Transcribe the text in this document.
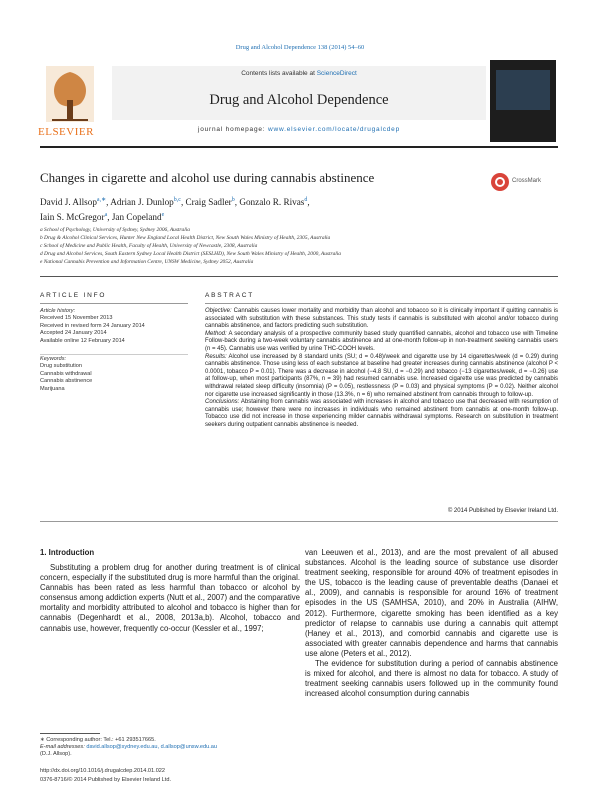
Drug and Alcohol Dependence 138 (2014) 54–60
ELSEVIER
Contents lists available at ScienceDirect
Drug and Alcohol Dependence
journal homepage: www.elsevier.com/locate/drugalcdep
Changes in cigarette and alcohol use during cannabis abstinence	CrossMark
David J. Allsop$^{a,∗}$, Adrian J. Dunlop$^{b,c}$, Craig Sadler$^b$, Gonzalo R. Rivas$^d$,
Iain S. McGregor$^a$, Jan Copeland$^e$
a School of Psychology, University of Sydney, Sydney 2006, Australia
b Drug & Alcohol Clinical Services, Hunter New England Local Health District, New South Wales Ministry of Health, 2305, Australia
c School of Medicine and Public Health, Faculty of Health, University of Newcastle, 2308, Australia
d Drug and Alcohol Services, South Eastern Sydney Local Health District (SESLHD), New South Wales Ministry of Health, 2000, Australia
e National Cannabis Prevention and Information Centre, UNSW Medicine, Sydney 2052, Australia
ARTICLE INFO
Article history:
Received 15 November 2013
Received in revised form 24 January 2014
Accepted 24 January 2014
Available online 12 February 2014
Keywords:
Drug substitution
Cannabis withdrawal
Cannabis abstinence
Marijuana
ABSTRACT

Objective: Cannabis causes lower mortality and morbidity than alcohol and tobacco so it is clinically important if quitting cannabis is associated with substitution with these substances. This study tests if cannabis is substituted with alcohol and/or tobacco during cannabis abstinence, and factors predicting such substitution.

Method: A secondary analysis of a prospective community based study quantified cannabis, alcohol and tobacco use with Timeline Follow-back during a two-week voluntary cannabis abstinence and at one-month follow-up in non-treatment seeking cannabis users (n = 45). Cannabis use was verified by urine THC-COOH levels.

Results: Alcohol use increased by 8 standard units (SU; d = 0.48)/week and cigarette use by 14 cigarettes/week (d = 0.29) during cannabis abstinence. Those using less of each substance at baseline had greater increases during cannabis abstinence (alcohol P < 0.0001, tobacco P = 0.01). There was a decrease in alcohol (−4.8 SU, d = −0.29) and tobacco (−13 cigarettes/week, d = −0.26) use at follow-up, when most participants (87%, n = 39) had resumed cannabis use. Increased cigarette use was predicted by cannabis withdrawal related sleep difficulty (insomnia) (P = 0.05), restlessness (P = 0.03) and physical symptoms (P = 0.02). Neither alcohol nor cigarette use increased significantly in those (13.3%, n = 6) who remained abstinent from cannabis through to follow-up.

Conclusions: Abstaining from cannabis was associated with increases in alcohol and tobacco use that decreased with resumption of cannabis use; however there were no increases in individuals who remained abstinent from cannabis at one-month follow-up. Tobacco use did not increase in those experiencing milder cannabis withdrawal symptoms. Research on substitution in treatment seekers during outpatient cannabis abstinence is needed.

© 2014 Published by Elsevier Ireland Ltd.
1. Introduction

Substituting a problem drug for another during treatment is of clinical concern, especially if the substituted drug is more harmful than the original. Cannabis has been rated as less harmful than tobacco or alcohol by consensus among addiction experts (Nutt et al., 2007) and the comparative mortality and morbidity attributed to alcohol and tobacco is higher than for cannabis (Degenhardt et al., 2008, 2013a,b). Alcohol, tobacco and cannabis use, however, frequently co-occur (Kessler et al., 1997;

van Leeuwen et al., 2013), and are the most prevalent of all abused substances. Alcohol is the leading source of substance use disorder treatment seeking, responsible for around 40% of treatment episodes in the US, tobacco is the leading cause of preventable deaths (Danaei et al., 2009), and cannabis is responsible for around 16% of treatment episodes in the US (SAMHSA, 2010), and 20% in Australia (AIHW, 2012). Furthermore, cigarette smoking has been identified as a key predictor of relapse to cannabis use during a cannabis quit attempt (Haney et al., 2013), and comorbid cannabis and cigarette use is associated with greater cannabis dependence and harms that cannabis use alone (Peters et al., 2012).

The evidence for substitution during a period of cannabis abstinence is mixed for alcohol, and there is almost no data for tobacco. A study of treatment seeking cannabis users followed up in the community found increased alcohol consumption during cannabis

∗ Corresponding author: Tel.: +61 293517665.
E-mail addresses: david.allsop@sydney.edu.au, d.allsop@unsw.edu.au
(D.J. Allsop).
http://dx.doi.org/10.1016/j.drugalcdep.2014.01.022
0376-8716/© 2014 Published by Elsevier Ireland Ltd.
